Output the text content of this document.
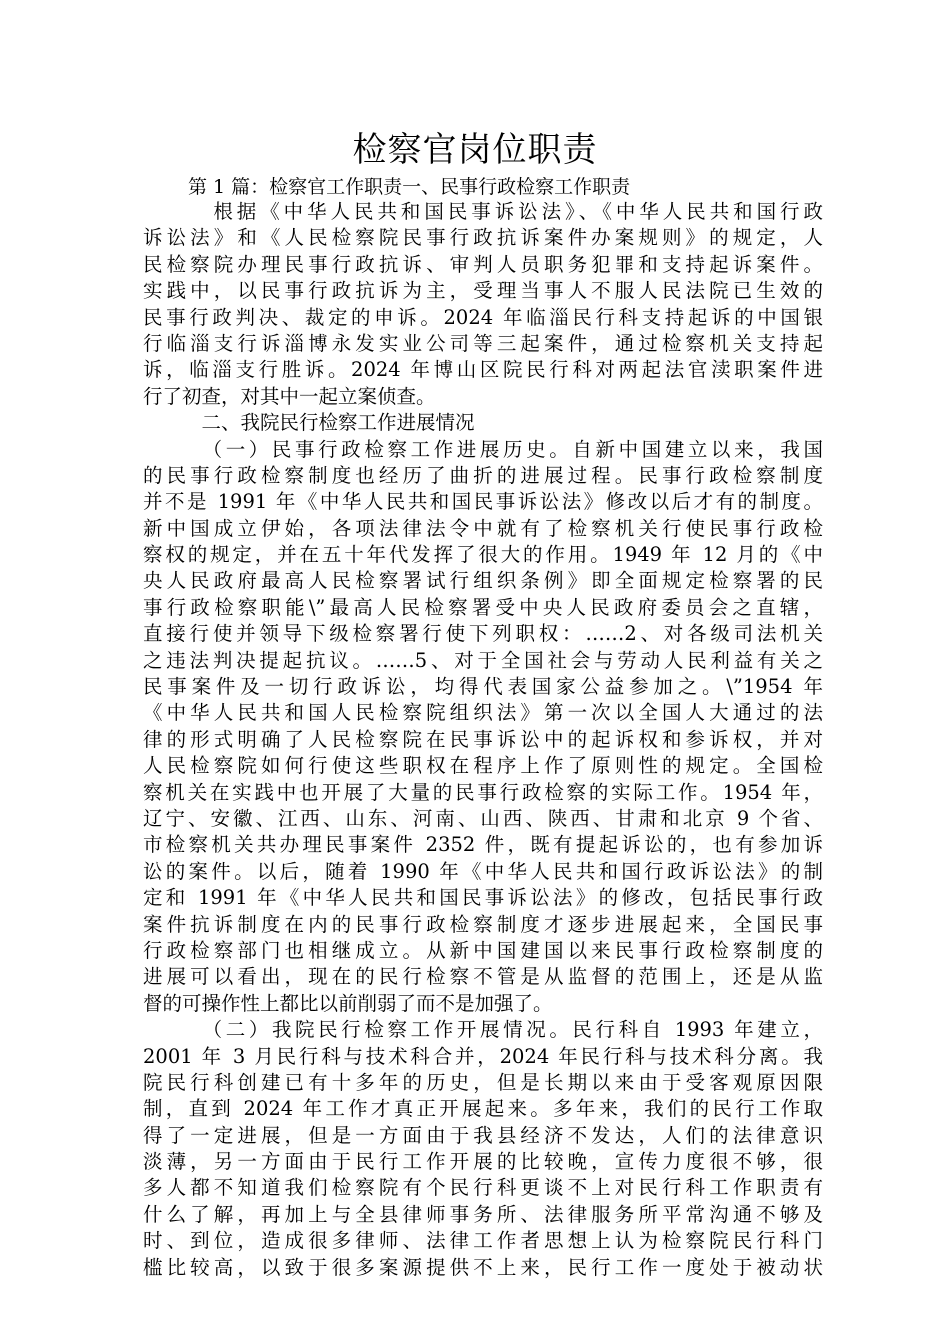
检察官岗位职责

第 1 篇：检察官工作职责一、民事行政检察工作职责

　　　根据《中华人民共和国民事诉讼法》、《中华人民共和国行政
诉讼法》和《人民检察院民事行政抗诉案件办案规则》的规定，人
民检察院办理民事行政抗诉、审判人员职务犯罪和支持起诉案件。
实践中，以民事行政抗诉为主，受理当事人不服人民法院已生效的
民事行政判决、裁定的申诉。2024 年临淄民行科支持起诉的中国银
行临淄支行诉淄博永发实业公司等三起案件，通过检察机关支持起
诉，临淄支行胜诉。2024 年博山区院民行科对两起法官渎职案件进
行了初查，对其中一起立案侦查。
　　　二、我院民行检察工作进展情况
　　　（一）民事行政检察工作进展历史。自新中国建立以来，我国
的民事行政检察制度也经历了曲折的进展过程。民事行政检察制度
并不是 1991 年《中华人民共和国民事诉讼法》修改以后才有的制度。
新中国成立伊始，各项法律法令中就有了检察机关行使民事行政检
察权的规定，并在五十年代发挥了很大的作用。1949 年 12 月的《中
央人民政府最高人民检察署试行组织条例》即全面规定检察署的民
事行政检察职能\”最高人民检察署受中央人民政府委员会之直辖，
直接行使并领导下级检察署行使下列职权：……2、对各级司法机关
之违法判决提起抗议。……5、对于全国社会与劳动人民利益有关之
民事案件及一切行政诉讼，均得代表国家公益参加之。\”1954 年
《中华人民共和国人民检察院组织法》第一次以全国人大通过的法
律的形式明确了人民检察院在民事诉讼中的起诉权和参诉权，并对
人民检察院如何行使这些职权在程序上作了原则性的规定。全国检
察机关在实践中也开展了大量的民事行政检察的实际工作。1954 年，
辽宁、安徽、江西、山东、河南、山西、陕西、甘肃和北京 9 个省、
市检察机关共办理民事案件 2352 件，既有提起诉讼的，也有参加诉
讼的案件。以后，随着 1990 年《中华人民共和国行政诉讼法》的制
定和 1991 年《中华人民共和国民事诉讼法》的修改，包括民事行政
案件抗诉制度在内的民事行政检察制度才逐步进展起来，全国民事
行政检察部门也相继成立。从新中国建国以来民事行政检察制度的
进展可以看出，现在的民行检察不管是从监督的范围上，还是从监
督的可操作性上都比以前削弱了而不是加强了。
　　　（二）我院民行检察工作开展情况。民行科自 1993 年建立，
2001 年 3 月民行科与技术科合并，2024 年民行科与技术科分离。我
院民行科创建已有十多年的历史，但是长期以来由于受客观原因限
制，直到 2024 年工作才真正开展起来。多年来，我们的民行工作取
得了一定进展，但是一方面由于我县经济不发达，人们的法律意识
淡薄，另一方面由于民行工作开展的比较晚，宣传力度很不够，很
多人都不知道我们检察院有个民行科更谈不上对民行科工作职责有
什么了解，再加上与全县律师事务所、法律服务所平常沟通不够及
时、到位，造成很多律师、法律工作者思想上认为检察院民行科门
槛比较高，以致于很多案源提供不上来，民行工作一度处于被动状
